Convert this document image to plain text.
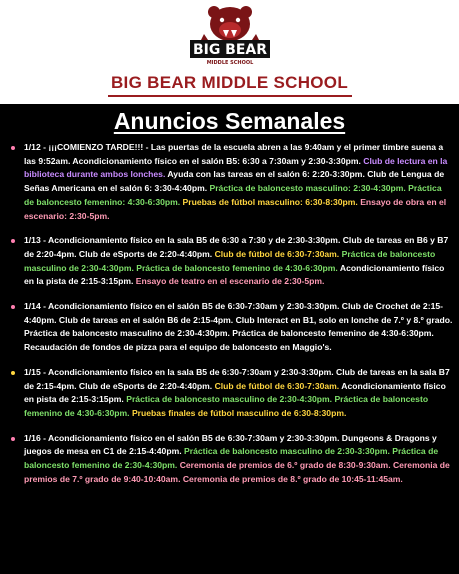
BIG BEAR
MIDDLE SCHOOL
BIG BEAR MIDDLE SCHOOL
Anuncios Semanales
1/12 - ¡¡¡COMIENZO TARDE!!! - Las puertas de la escuela abren a las 9:40am y el primer timbre suena a las 9:52am. Acondicionamiento físico en el salón B5: 6:30 a 7:30am y 2:30-3:30pm. Club de lectura en la biblioteca durante ambos lonches. Ayuda con las tareas en el salón 6: 2:20-3:30pm. Club de Lengua de Señas Americana en el salón 6: 3:30-4:40pm. Práctica de baloncesto masculino: 2:30-4:30pm. Práctica de baloncesto femenino: 4:30-6:30pm. Pruebas de fútbol masculino: 6:30-8:30pm. Ensayo de obra en el escenario: 2:30-5pm.
1/13 - Acondicionamiento físico en la sala B5 de 6:30 a 7:30 y de 2:30-3:30pm. Club de tareas en B6 y B7 de 2:20-4pm. Club de eSports de 2:20-4:40pm. Club de fútbol de 6:30-7:30am. Práctica de baloncesto masculino de 2:30-4:30pm. Práctica de baloncesto femenino de 4:30-6:30pm. Acondicionamiento físico en la pista de 2:15-3:15pm. Ensayo de teatro en el escenario de 2:30-5pm.
1/14 - Acondicionamiento físico en el salón B5 de 6:30-7:30am y 2:30-3:30pm. Club de Crochet de 2:15-4:40pm. Club de tareas en el salón B6 de 2:15-4pm. Club Interact en B1, solo en lonche de 7.º y 8.º grado. Práctica de baloncesto masculino de 2:30-4:30pm. Práctica de baloncesto femenino de 4:30-6:30pm. Recaudación de fondos de pizza para el equipo de baloncesto en Maggio's.
1/15 - Acondicionamiento físico en la sala B5 de 6:30-7:30am y 2:30-3:30pm. Club de tareas en la sala B7 de 2:15-4pm. Club de eSports de 2:20-4:40pm. Club de fútbol de 6:30-7:30am. Acondicionamiento físico en pista de 2:15-3:15pm. Práctica de baloncesto masculino de 2:30-4:30pm. Práctica de baloncesto femenino de 4:30-6:30pm. Pruebas finales de fútbol masculino de 6:30-8:30pm.
1/16 - Acondicionamiento físico en el salón B5 de 6:30-7:30am y 2:30-3:30pm. Dungeons & Dragons y juegos de mesa en C1 de 2:15-4:40pm. Práctica de baloncesto masculino de 2:30-3:30pm. Práctica de baloncesto femenino de 2:30-4:30pm. Ceremonia de premios de 6.º grado de 8:30-9:30am. Ceremonia de premios de 7.º grado de 9:40-10:40am. Ceremonia de premios de 8.º grado de 10:45-11:45am.
